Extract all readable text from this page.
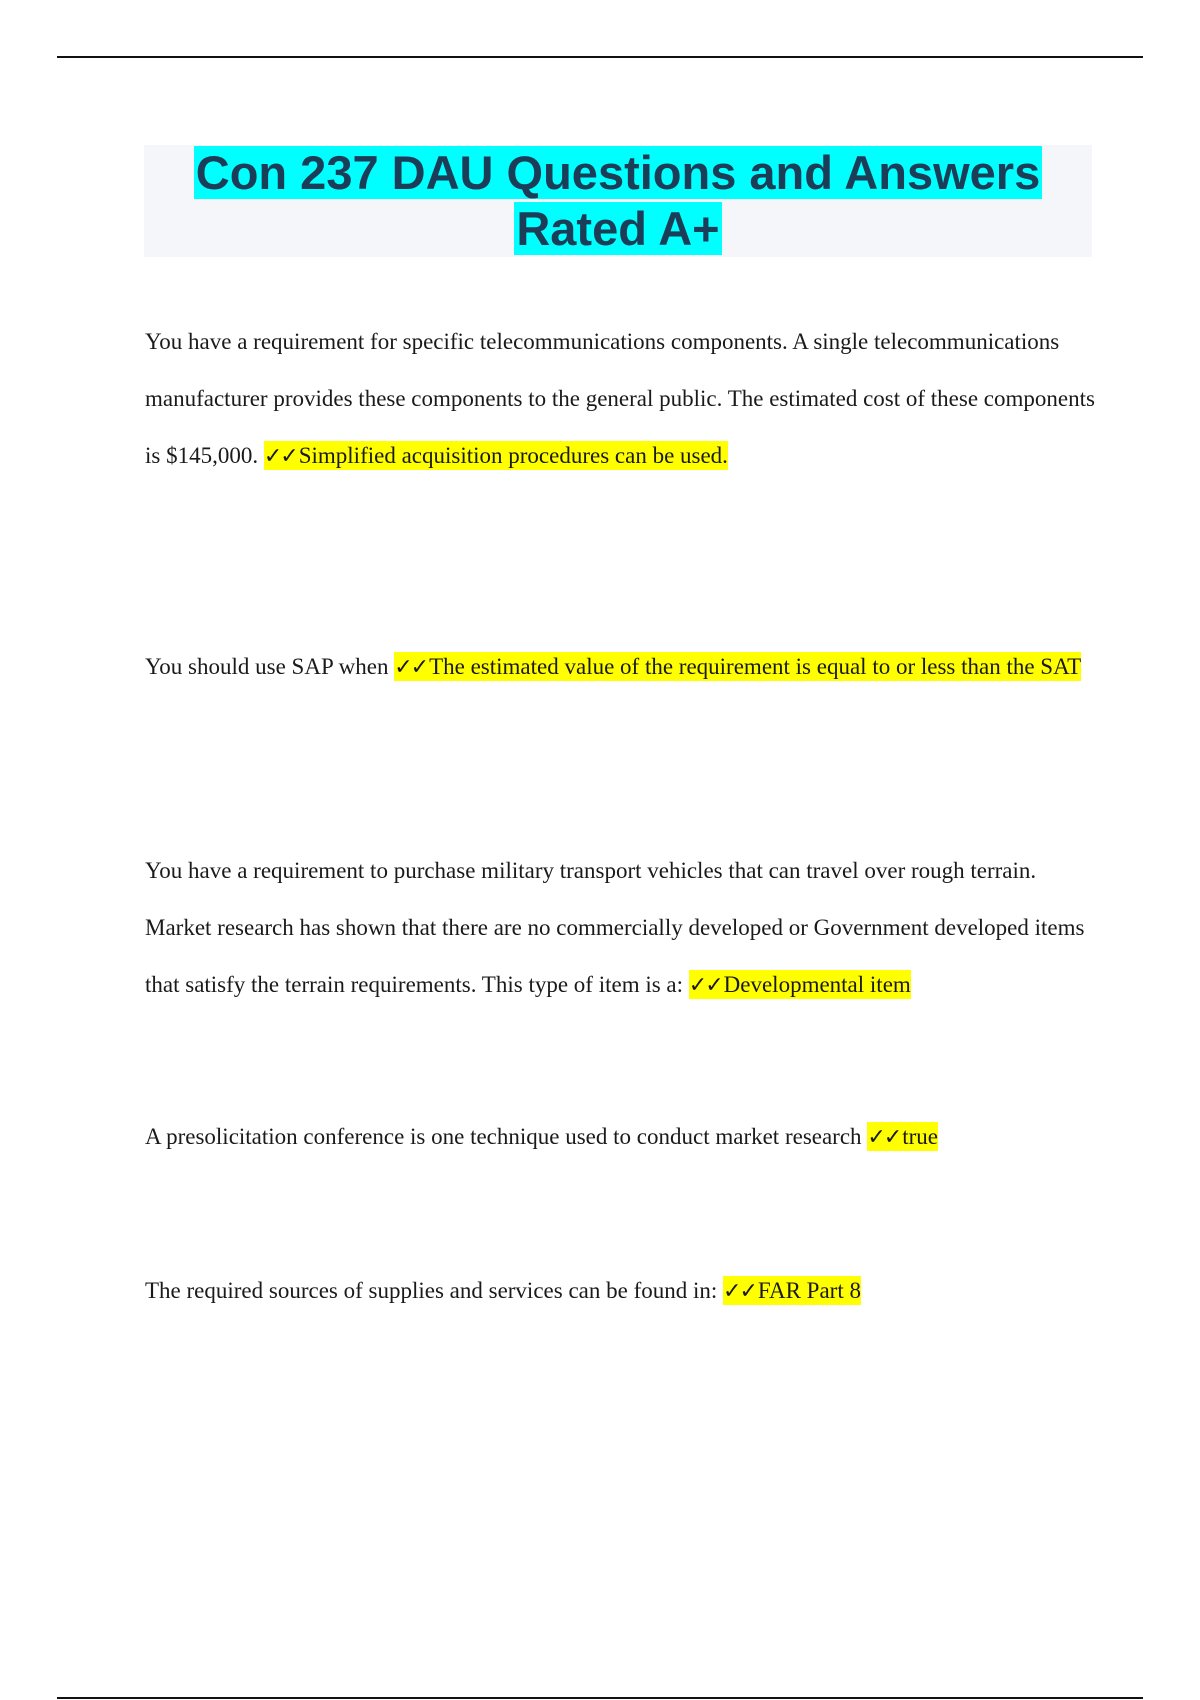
Con 237 DAU Questions and Answers
Rated A+

You have a requirement for specific telecommunications components. A single telecommunications manufacturer provides these components to the general public. The estimated cost of these components is $145,000. ✓✓Simplified acquisition procedures can be used.

You should use SAP when ✓✓The estimated value of the requirement is equal to or less than the SAT

You have a requirement to purchase military transport vehicles that can travel over rough terrain. Market research has shown that there are no commercially developed or Government developed items that satisfy the terrain requirements. This type of item is a: ✓✓Developmental item

A presolicitation conference is one technique used to conduct market research ✓✓true

The required sources of supplies and services can be found in: ✓✓FAR Part 8
